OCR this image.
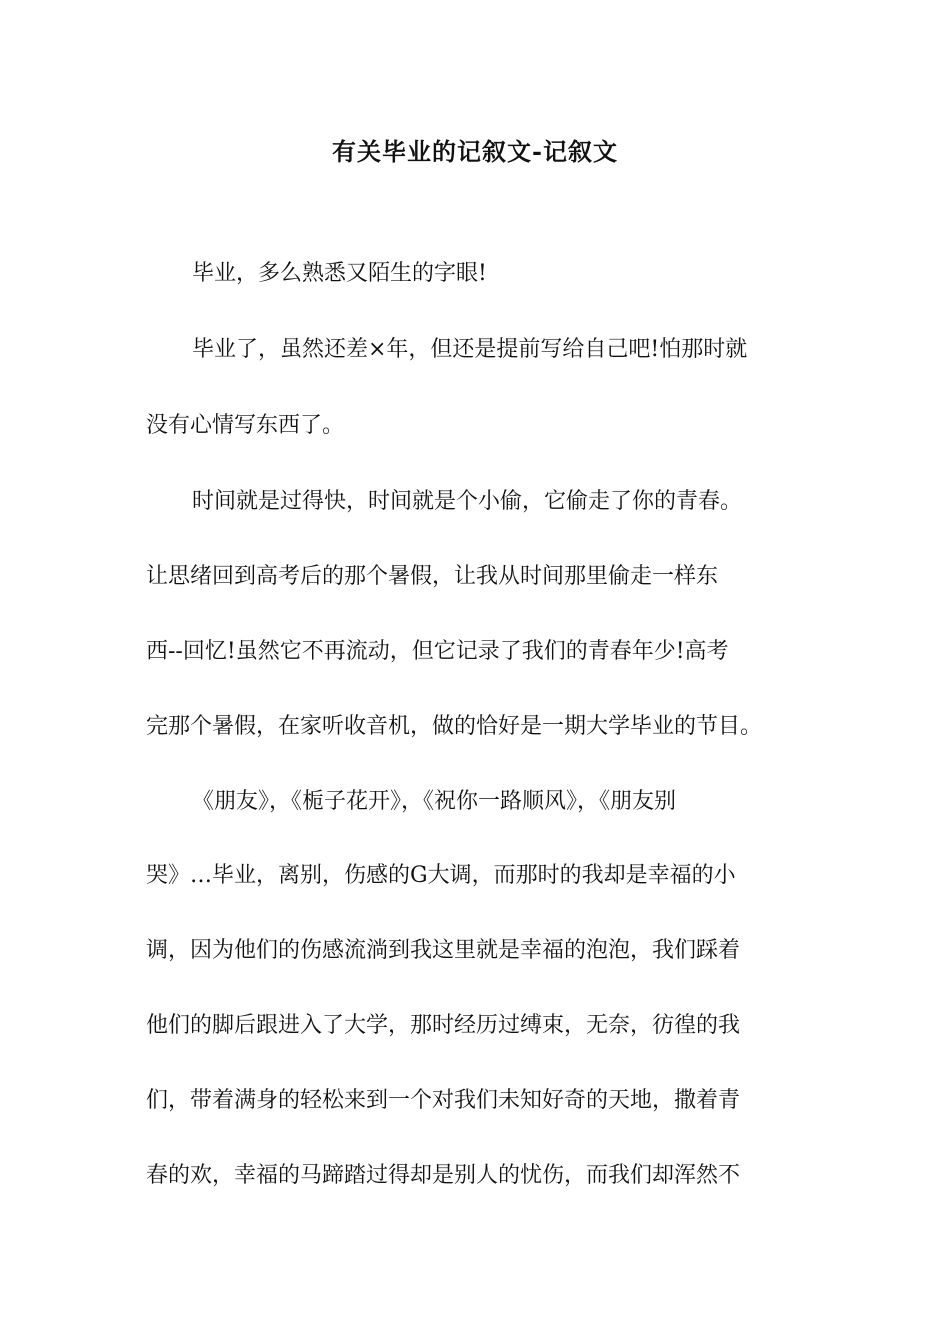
有关毕业的记叙文-记叙文
毕业，多么熟悉又陌生的字眼!
毕业了，虽然还差×年，但还是提前写给自己吧!怕那时就
没有心情写东西了。
时间就是过得快，时间就是个小偷，它偷走了你的青春。
让思绪回到高考后的那个暑假，让我从时间那里偷走一样东
西--回忆!虽然它不再流动，但它记录了我们的青春年少!高考
完那个暑假，在家听收音机，做的恰好是一期大学毕业的节目。
《朋友》，《栀子花开》，《祝你一路顺风》，《朋友别
哭》…毕业，离别，伤感的G大调，而那时的我却是幸福的小
调，因为他们的伤感流淌到我这里就是幸福的泡泡，我们踩着
他们的脚后跟进入了大学，那时经历过缚束，无奈，彷徨的我
们，带着满身的轻松来到一个对我们未知好奇的天地，撒着青
春的欢，幸福的马蹄踏过得却是别人的忧伤，而我们却浑然不
